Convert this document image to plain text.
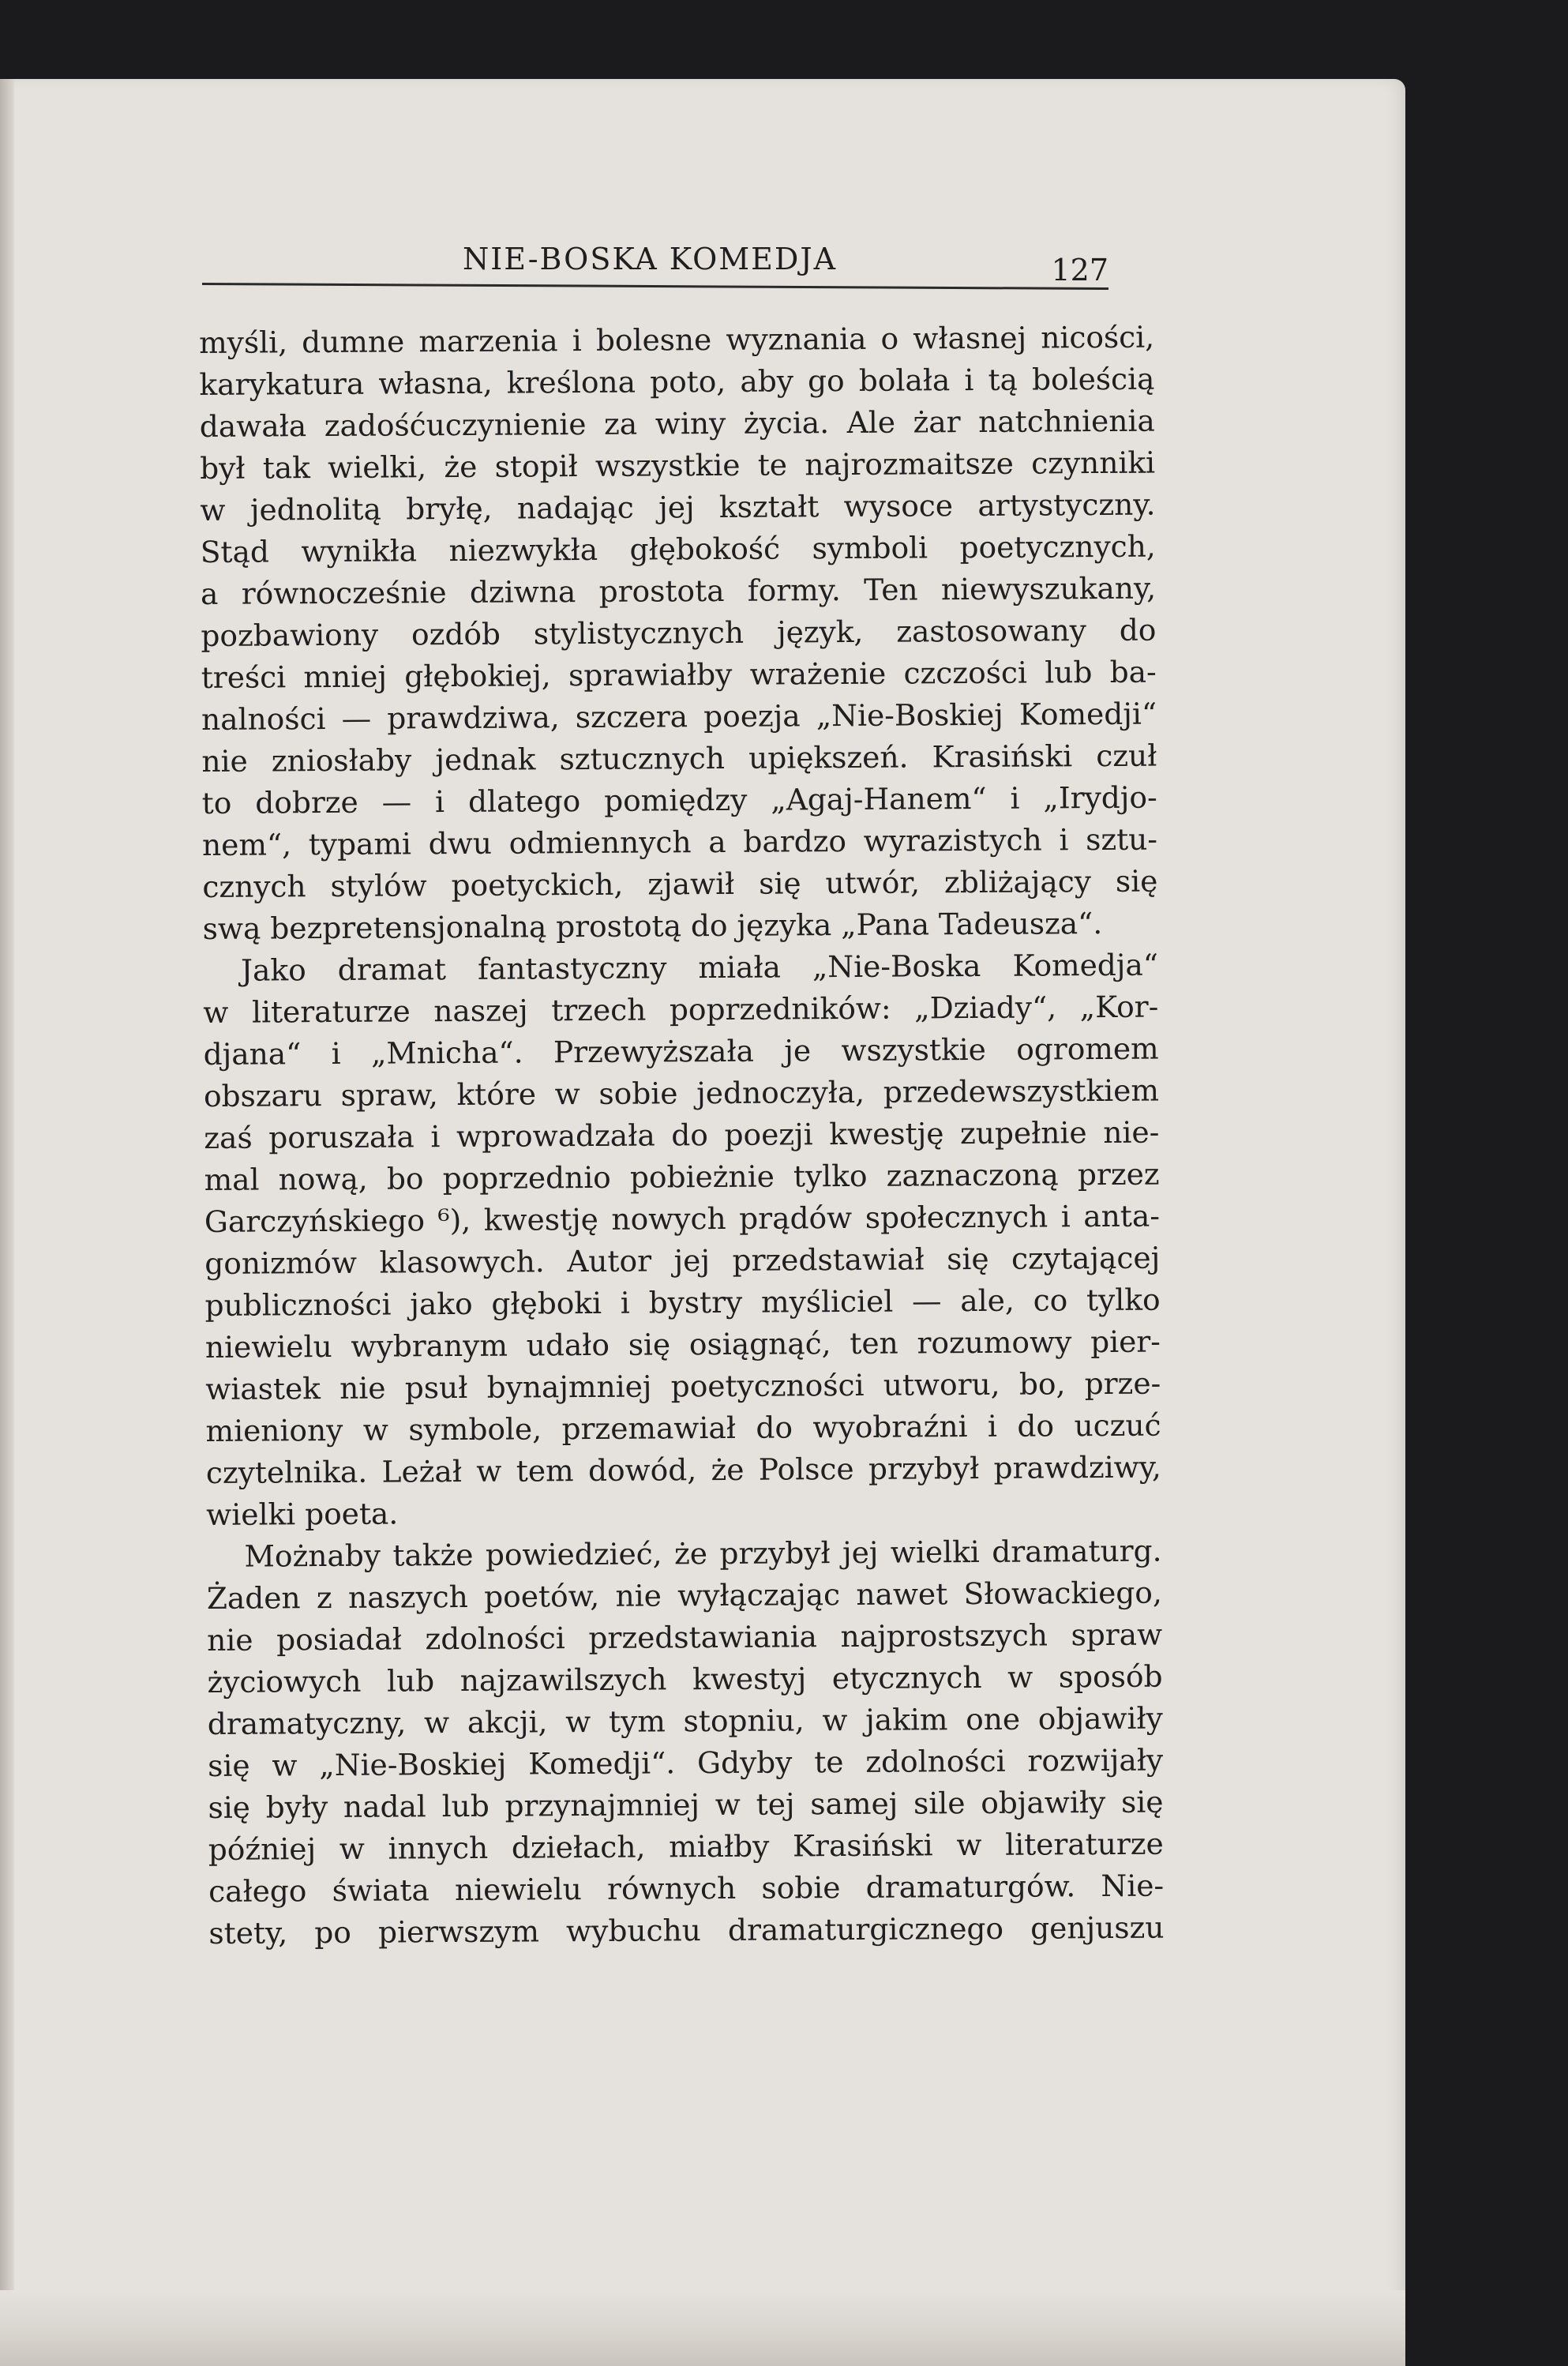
NIE-BOSKA KOMEDJA	127
myśli, dumne marzenia i bolesne wyznania o własnej nicości,
karykatura własna, kreślona poto, aby go bolała i tą boleścią
dawała zadośćuczynienie za winy życia. Ale żar natchnienia
był tak wielki, że stopił wszystkie te najrozmaitsze czynniki
w jednolitą bryłę, nadając jej kształt wysoce artystyczny.
Stąd wynikła niezwykła głębokość symboli poetycznych,
a równocześnie dziwna prostota formy. Ten niewyszukany,
pozbawiony ozdób stylistycznych język, zastosowany do
treści mniej głębokiej, sprawiałby wrażenie czczości lub ba-
nalności — prawdziwa, szczera poezja „Nie-Boskiej Komedji“
nie zniosłaby jednak sztucznych upiększeń. Krasiński czuł
to dobrze — i dlatego pomiędzy „Agaj-Hanem“ i „Irydjo-
nem“, typami dwu odmiennych a bardzo wyrazistych i sztu-
cznych stylów poetyckich, zjawił się utwór, zbliżający się
swą bezpretensjonalną prostotą do języka „Pana Tadeusza“.
Jako dramat fantastyczny miała „Nie-Boska Komedja“
w literaturze naszej trzech poprzedników: „Dziady“, „Kor-
djana“ i „Mnicha“. Przewyższała je wszystkie ogromem
obszaru spraw, które w sobie jednoczyła, przedewszystkiem
zaś poruszała i wprowadzała do poezji kwestję zupełnie nie-
mal nową, bo poprzednio pobieżnie tylko zaznaczoną przez
Garczyńskiego ⁶), kwestję nowych prądów społecznych i anta-
gonizmów klasowych. Autor jej przedstawiał się czytającej
publiczności jako głęboki i bystry myśliciel — ale, co tylko
niewielu wybranym udało się osiągnąć, ten rozumowy pier-
wiastek nie psuł bynajmniej poetyczności utworu, bo, prze-
mieniony w symbole, przemawiał do wyobraźni i do uczuć
czytelnika. Leżał w tem dowód, że Polsce przybył prawdziwy,
wielki poeta.
Możnaby także powiedzieć, że przybył jej wielki dramaturg.
Żaden z naszych poetów, nie wyłączając nawet Słowackiego,
nie posiadał zdolności przedstawiania najprostszych spraw
życiowych lub najzawilszych kwestyj etycznych w sposób
dramatyczny, w akcji, w tym stopniu, w jakim one objawiły
się w „Nie-Boskiej Komedji“. Gdyby te zdolności rozwijały
się były nadal lub przynajmniej w tej samej sile objawiły się
później w innych dziełach, miałby Krasiński w literaturze
całego świata niewielu równych sobie dramaturgów. Nie-
stety, po pierwszym wybuchu dramaturgicznego genjuszu
